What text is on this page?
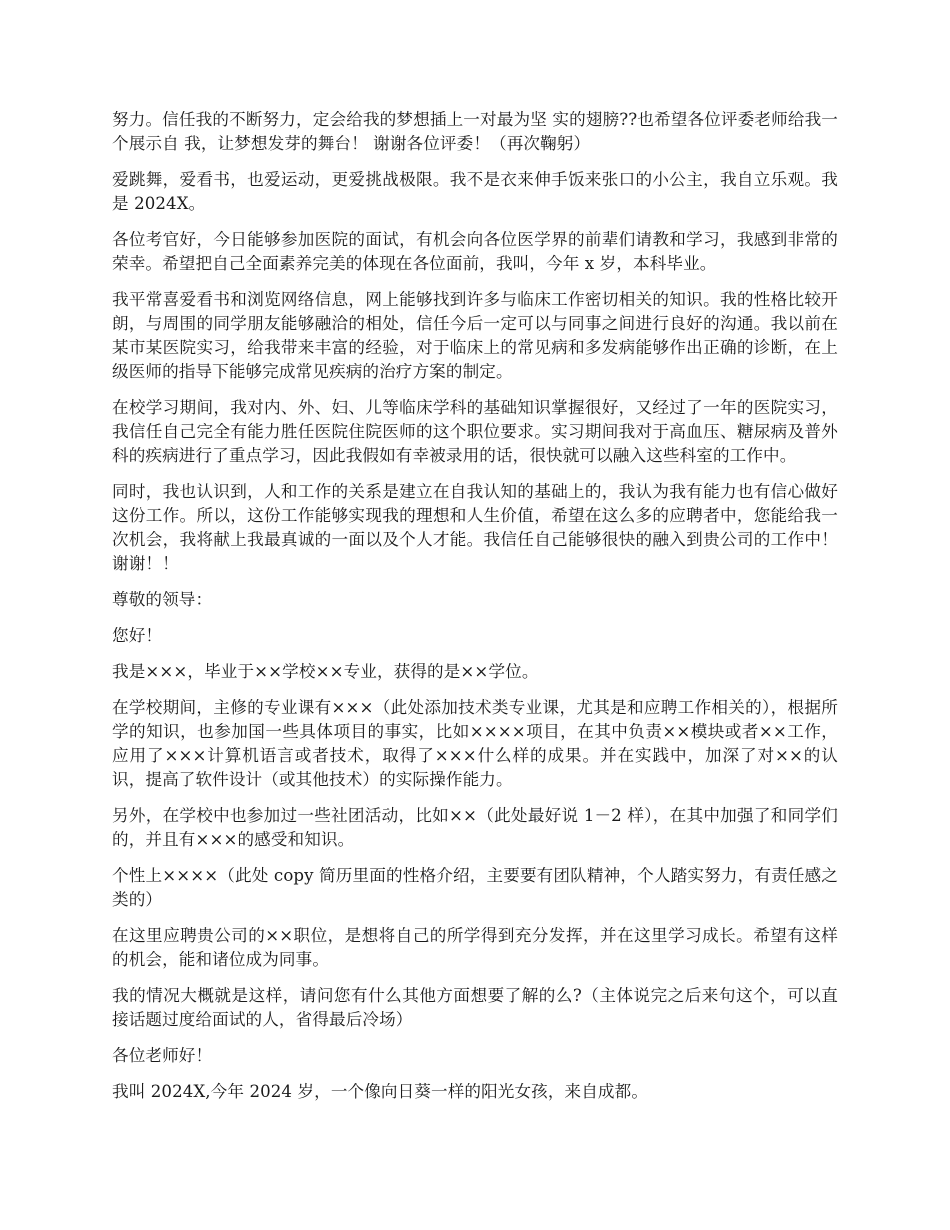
努力。信任我的不断努力，定会给我的梦想插上一对最为坚 实的翅膀??也希望各位评委老师给我一个展示自 我，让梦想发芽的舞台！ 谢谢各位评委！（再次鞠躬）

爱跳舞，爱看书，也爱运动，更爱挑战极限。我不是衣来伸手饭来张口的小公主，我自立乐观。我是 2024X。

各位考官好，今日能够参加医院的面试，有机会向各位医学界的前辈们请教和学习，我感到非常的荣幸。希望把自己全面素养完美的体现在各位面前，我叫，今年 x 岁，本科毕业。

我平常喜爱看书和浏览网络信息，网上能够找到许多与临床工作密切相关的知识。我的性格比较开朗，与周围的同学朋友能够融洽的相处，信任今后一定可以与同事之间进行良好的沟通。我以前在某市某医院实习，给我带来丰富的经验，对于临床上的常见病和多发病能够作出正确的诊断，在上级医师的指导下能够完成常见疾病的治疗方案的制定。

在校学习期间，我对内、外、妇、儿等临床学科的基础知识掌握很好，又经过了一年的医院实习，我信任自己完全有能力胜任医院住院医师的这个职位要求。实习期间我对于高血压、糖尿病及普外科的疾病进行了重点学习，因此我假如有幸被录用的话，很快就可以融入这些科室的工作中。

同时，我也认识到，人和工作的关系是建立在自我认知的基础上的，我认为我有能力也有信心做好这份工作。所以，这份工作能够实现我的理想和人生价值，希望在这么多的应聘者中，您能给我一次机会，我将献上我最真诚的一面以及个人才能。我信任自己能够很快的融入到贵公司的工作中！谢谢！！

尊敬的领导：

您好！

我是×××，毕业于××学校××专业，获得的是××学位。

在学校期间，主修的专业课有×××（此处添加技术类专业课，尤其是和应聘工作相关的），根据所学的知识，也参加国一些具体项目的事实，比如××××项目，在其中负责××模块或者××工作，应用了×××计算机语言或者技术，取得了×××什么样的成果。并在实践中，加深了对××的认识，提高了软件设计（或其他技术）的实际操作能力。

另外，在学校中也参加过一些社团活动，比如××（此处最好说 1－2 样），在其中加强了和同学们的，并且有×××的感受和知识。

个性上××××（此处 copy 简历里面的性格介绍，主要要有团队精神，个人踏实努力，有责任感之类的）

在这里应聘贵公司的××职位，是想将自己的所学得到充分发挥，并在这里学习成长。希望有这样的机会，能和诸位成为同事。

我的情况大概就是这样，请问您有什么其他方面想要了解的么?（主体说完之后来句这个，可以直接话题过度给面试的人，省得最后冷场）

各位老师好！

我叫 2024X,今年 2024 岁，一个像向日葵一样的阳光女孩，来自成都。
